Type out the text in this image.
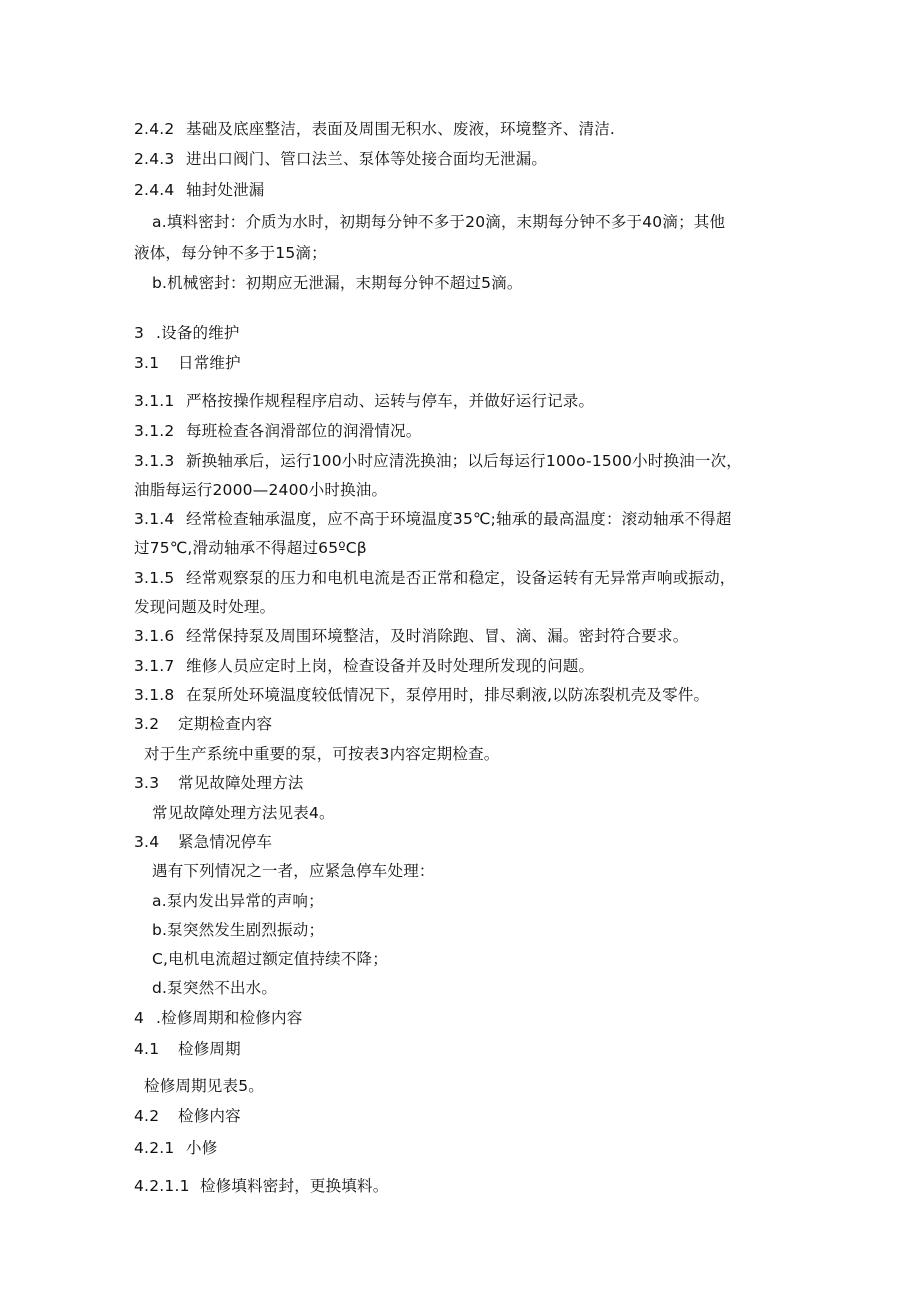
2.4.2 基础及底座整洁，表面及周围无积水、废液，环境整齐、清洁.
2.4.3 进出口阀门、管口法兰、泵体等处接合面均无泄漏。
2.4.4 轴封处泄漏
a.填料密封：介质为水时，初期每分钟不多于20滴，末期每分钟不多于40滴；其他
液体，每分钟不多于15滴；
b.机械密封：初期应无泄漏，末期每分钟不超过5滴。
3 .设备的维护
3.1 日常维护
3.1.1 严格按操作规程程序启动、运转与停车，并做好运行记录。
3.1.2 每班检查各润滑部位的润滑情况。
3.1.3 新换轴承后，运行100小时应清洗换油；以后每运行100o-1500小时换油一次，
油脂每运行2000—2400小时换油。
3.1.4 经常检查轴承温度，应不高于环境温度35℃;轴承的最高温度：滚动轴承不得超
过75℃,滑动轴承不得超过65ºCβ
3.1.5 经常观察泵的压力和电机电流是否正常和稳定，设备运转有无异常声响或振动，
发现问题及时处理。
3.1.6 经常保持泵及周围环境整洁，及时消除跑、冒、滴、漏。密封符合要求。
3.1.7 维修人员应定时上岗，检查设备并及时处理所发现的问题。
3.1.8 在泵所处环境温度较低情况下，泵停用时，排尽剩液,以防冻裂机壳及零件。
3.2 定期检查内容
对于生产系统中重要的泵，可按表3内容定期检查。
3.3 常见故障处理方法
常见故障处理方法见表4。
3.4 紧急情况停车
遇有下列情况之一者，应紧急停车处理：
a.泵内发出异常的声响；
b.泵突然发生剧烈振动；
C,电机电流超过额定值持续不降；
d.泵突然不出水。
4 .检修周期和检修内容
4.1 检修周期
检修周期见表5。
4.2 检修内容
4.2.1 小修
4.2.1.1 检修填料密封，更换填料。
